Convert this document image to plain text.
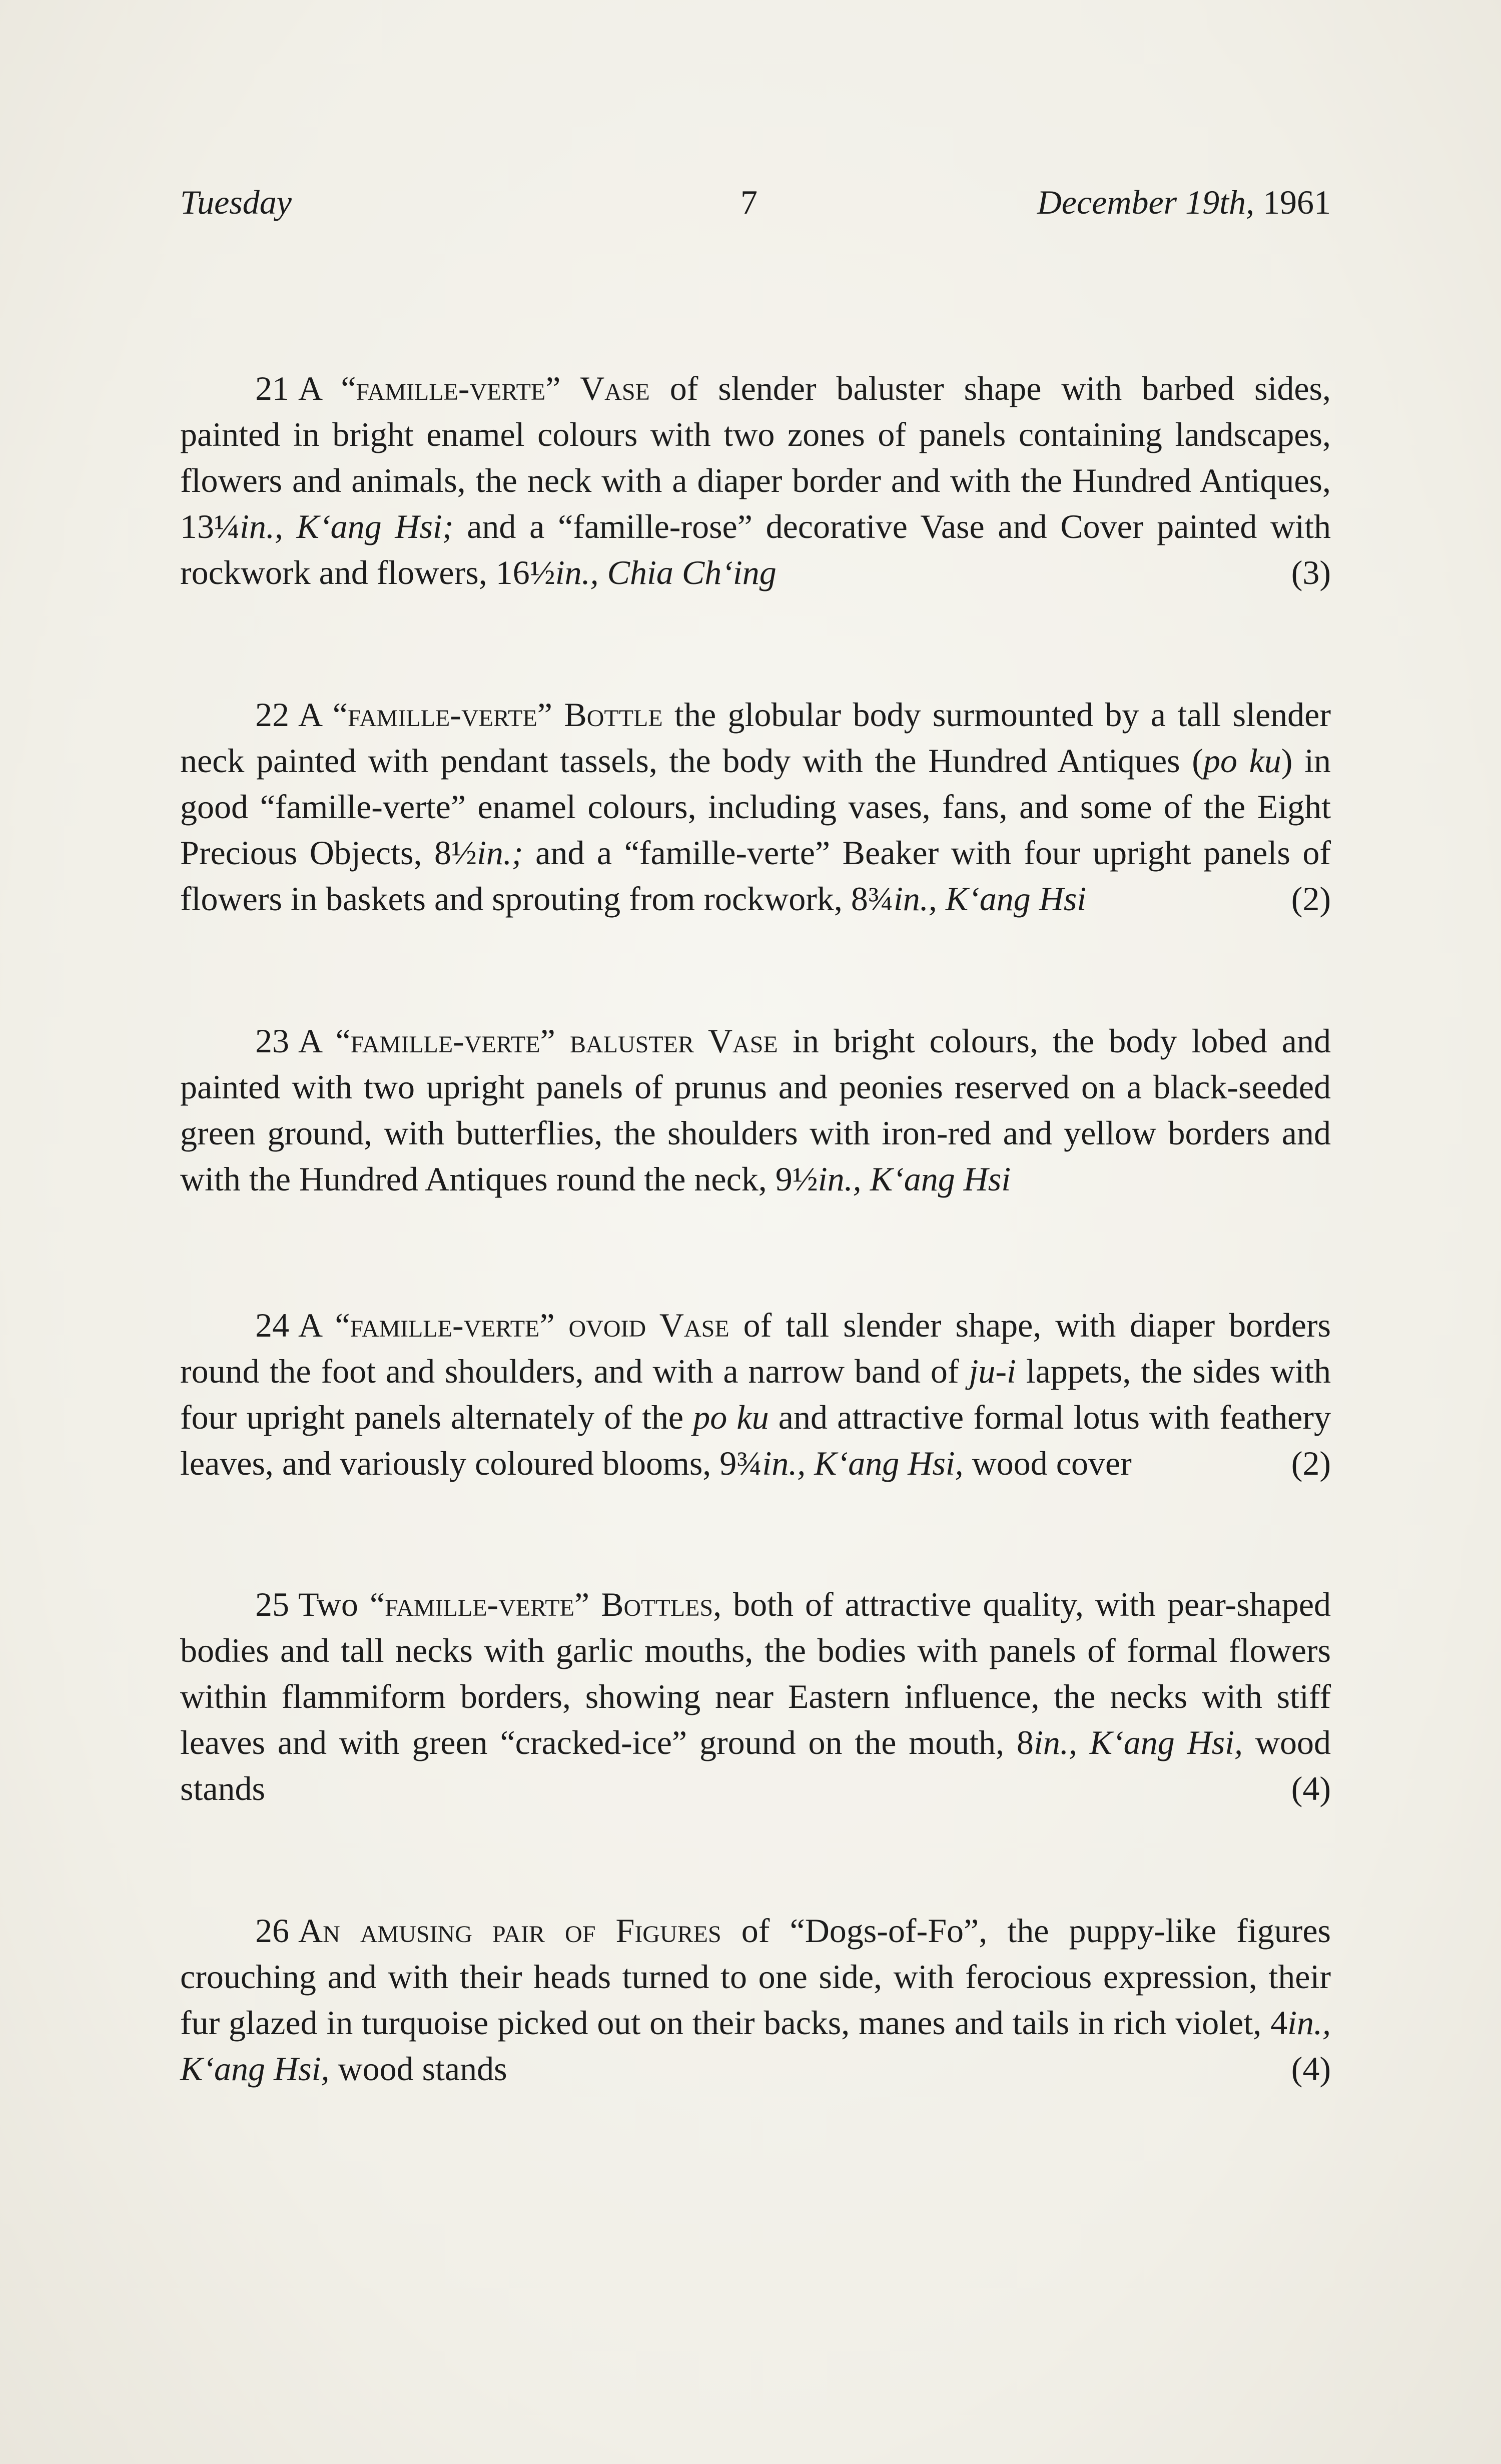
Tuesday	7	December 19th, 1961

21 A “famille-verte” Vase of slender baluster shape with barbed sides, painted in bright enamel colours with two zones of panels containing landscapes, flowers and animals, the neck with a diaper border and with the Hundred Antiques, 13¼in., K‘ang Hsi; and a “famille-rose” decorative Vase and Cover painted with rockwork and flowers, 16½in., Chia Ch‘ing	(3)

22 A “famille-verte” Bottle the globular body surmounted by a tall slender neck painted with pendant tassels, the body with the Hundred Antiques (po ku) in good “famille-verte” enamel colours, including vases, fans, and some of the Eight Precious Objects, 8½in.; and a “famille-verte” Beaker with four upright panels of flowers in baskets and sprouting from rockwork, 8¾in., K‘ang Hsi	(2)

23 A “famille-verte” baluster Vase in bright colours, the body lobed and painted with two upright panels of prunus and peonies reserved on a black-seeded green ground, with butterflies, the shoulders with iron-red and yellow borders and with the Hundred Antiques round the neck, 9½in., K‘ang Hsi

24 A “famille-verte” ovoid Vase of tall slender shape, with diaper borders round the foot and shoulders, and with a narrow band of ju-i lappets, the sides with four upright panels alternately of the po ku and attractive formal lotus with feathery leaves, and variously coloured blooms, 9¾in., K‘ang Hsi, wood cover	(2)

25 Two “famille-verte” Bottles, both of attractive quality, with pear-shaped bodies and tall necks with garlic mouths, the bodies with panels of formal flowers within flammiform borders, showing near Eastern influence, the necks with stiff leaves and with green “cracked-ice” ground on the mouth, 8in., K‘ang Hsi, wood stands	(4)

26 An amusing pair of Figures of “Dogs-of-Fo”, the puppy-like figures crouching and with their heads turned to one side, with ferocious expression, their fur glazed in turquoise picked out on their backs, manes and tails in rich violet, 4in., K‘ang Hsi, wood stands	(4)
